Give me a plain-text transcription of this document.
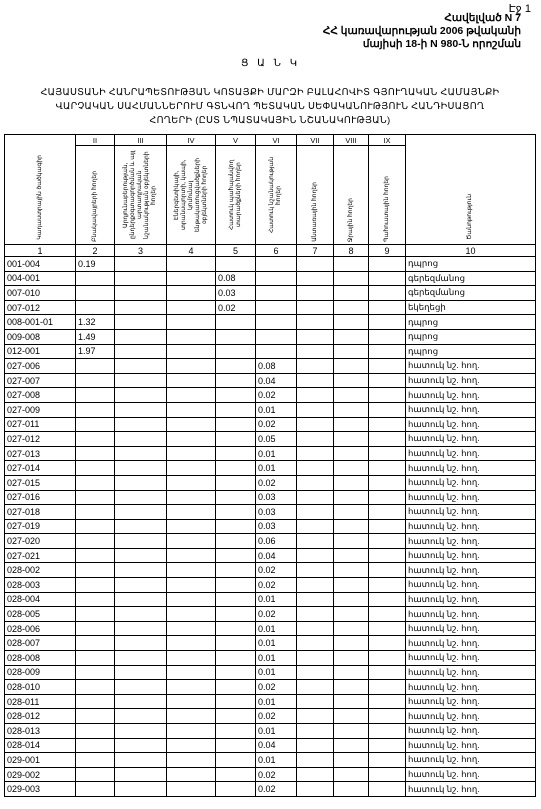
Էջ 1
Հավելված N 7
ՀՀ կառավարության 2006 թվականի
մայիսի 18-ի N 980-Ն որոշման
Ց Ա Ն Կ
ՀԱՅԱՍՏԱՆԻ ՀԱՆՐԱՊԵՏՈՒԹՅԱՆ ԿՈՏԱՅՔԻ ՄԱՐԶԻ ԲԱԼԱՀՈՎԻՏ ԳՅՈՒՂԱԿԱՆ ՀԱՄԱՅՆՔԻ
ՎԱՐՉԱԿԱՆ ՍԱՀՄԱՆՆԵՐՈՒՄ ԳՏՆՎՈՂ ՊԵՏԱԿԱՆ ՍԵՓԱԿԱՆՈՒԹՅՈՒՆ ՀԱՆԴԻՍԱՑՈՂ
ՀՈՂԵՐԻ (ԸՍՏ ՆՊԱՏԱԿԱՅԻՆ ՆՇԱՆԱԿՈՒԹՅԱՆ)
Կադաստրային ծածկագիր	II	III	IV	V	VI	VII	VIII	IX	Ծանոթություն
	Բնակավայրերի հողեր	Արդյունաբերության, ընդերքօգտագործման և այլ արտադրական նշանակության օբյեկտների հողեր	Էներգետիկայի, տրանսպորտի, կապի, կոմունալ ենթակառուցվածքների օբյեկտների հողեր	Հատուկ պահպանվող տարածքների հողեր	Հատուկ նշանակության հողեր	Անտառային հողեր	Ջրային հողեր	Պահուստային հողեր	
1	2	3	4	5	6	7	8	9	10
001-004	0.19								դպրոց
004-001				0.08					գերեզմանոց
007-010				0.03					գերեզմանոց
007-012				0.02					եկեղեցի
008-001-01	1.32								դպրոց
009-008	1.49								դպրոց
012-001	1.97								դպրոց
027-006					0.08				հատուկ նշ. հող.
027-007					0.04				հատուկ նշ. հող.
027-008					0.02				հատուկ նշ. հող.
027-009					0.01				հատուկ նշ. հող.
027-011					0.02				հատուկ նշ. հող.
027-012					0.05				հատուկ նշ. հող.
027-013					0.01				հատուկ նշ. հող.
027-014					0.01				հատուկ նշ. հող.
027-015					0.02				հատուկ նշ. հող.
027-016					0.03				հատուկ նշ. հող.
027-018					0.03				հատուկ նշ. հող.
027-019					0.03				հատուկ նշ. հող.
027-020					0.06				հատուկ նշ. հող.
027-021					0.04				հատուկ նշ. հող.
028-002					0.02				հատուկ նշ. հող.
028-003					0.02				հատուկ նշ. հող.
028-004					0.01				հատուկ նշ. հող.
028-005					0.02				հատուկ նշ. հող.
028-006					0.01				հատուկ նշ. հող.
028-007					0.01				հատուկ նշ. հող.
028-008					0.01				հատուկ նշ. հող.
028-009					0.01				հատուկ նշ. հող.
028-010					0.02				հատուկ նշ. հող.
028-011					0.01				հատուկ նշ. հող.
028-012					0.02				հատուկ նշ. հող.
028-013					0.01				հատուկ նշ. հող.
028-014					0.04				հատուկ նշ. հող.
029-001					0.01				հատուկ նշ. հող.
029-002					0.02				հատուկ նշ. հող.
029-003					0.02				հատուկ նշ. հող.
